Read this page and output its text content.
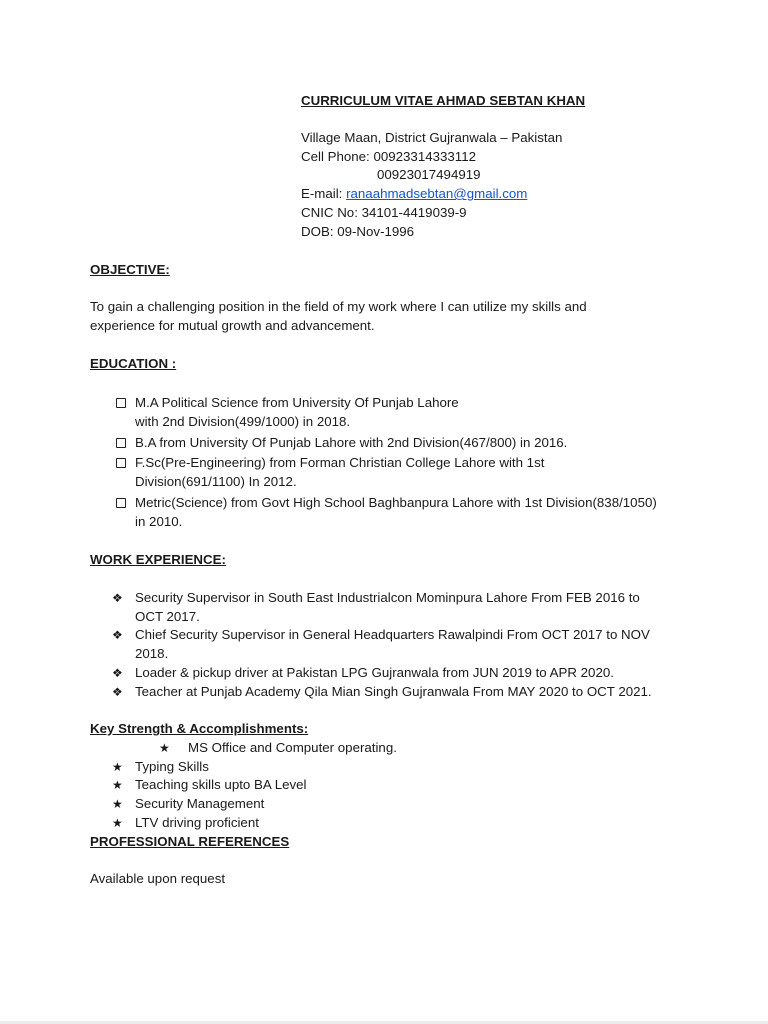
CURRICULUM VITAE AHMAD SEBTAN KHAN
Village Maan, District Gujranwala – Pakistan
Cell Phone: 00923314333112
00923017494919
E-mail: ranaahmadsebtan@gmail.com
CNIC No: 34101-4419039-9
DOB: 09-Nov-1996
OBJECTIVE:
To gain a challenging position in the field of my work where I can utilize my skills and
experience for mutual growth and advancement.
EDUCATION :
M.A Political Science from University Of Punjab Lahore
with 2nd Division(499/1000) in 2018.
B.A from University Of Punjab Lahore with 2nd Division(467/800) in 2016.
F.Sc(Pre-Engineering) from Forman Christian College Lahore with 1st
Division(691/1100) In 2012.
Metric(Science) from Govt High School Baghbanpura Lahore with 1st Division(838/1050)
in 2010.
WORK EXPERIENCE:
❖ Security Supervisor in South East Industrialcon Mominpura Lahore From FEB 2016 to
OCT 2017.
❖ Chief Security Supervisor in General Headquarters Rawalpindi From OCT 2017 to NOV
2018.
❖ Loader & pickup driver at Pakistan LPG Gujranwala from JUN 2019 to APR 2020.
❖ Teacher at Punjab Academy Qila Mian Singh Gujranwala From MAY 2020 to OCT 2021.
Key Strength & Accomplishments:
★ MS Office and Computer operating.
★ Typing Skills
★ Teaching skills upto BA Level
★ Security Management
★ LTV driving proficient
PROFESSIONAL REFERENCES
Available upon request
